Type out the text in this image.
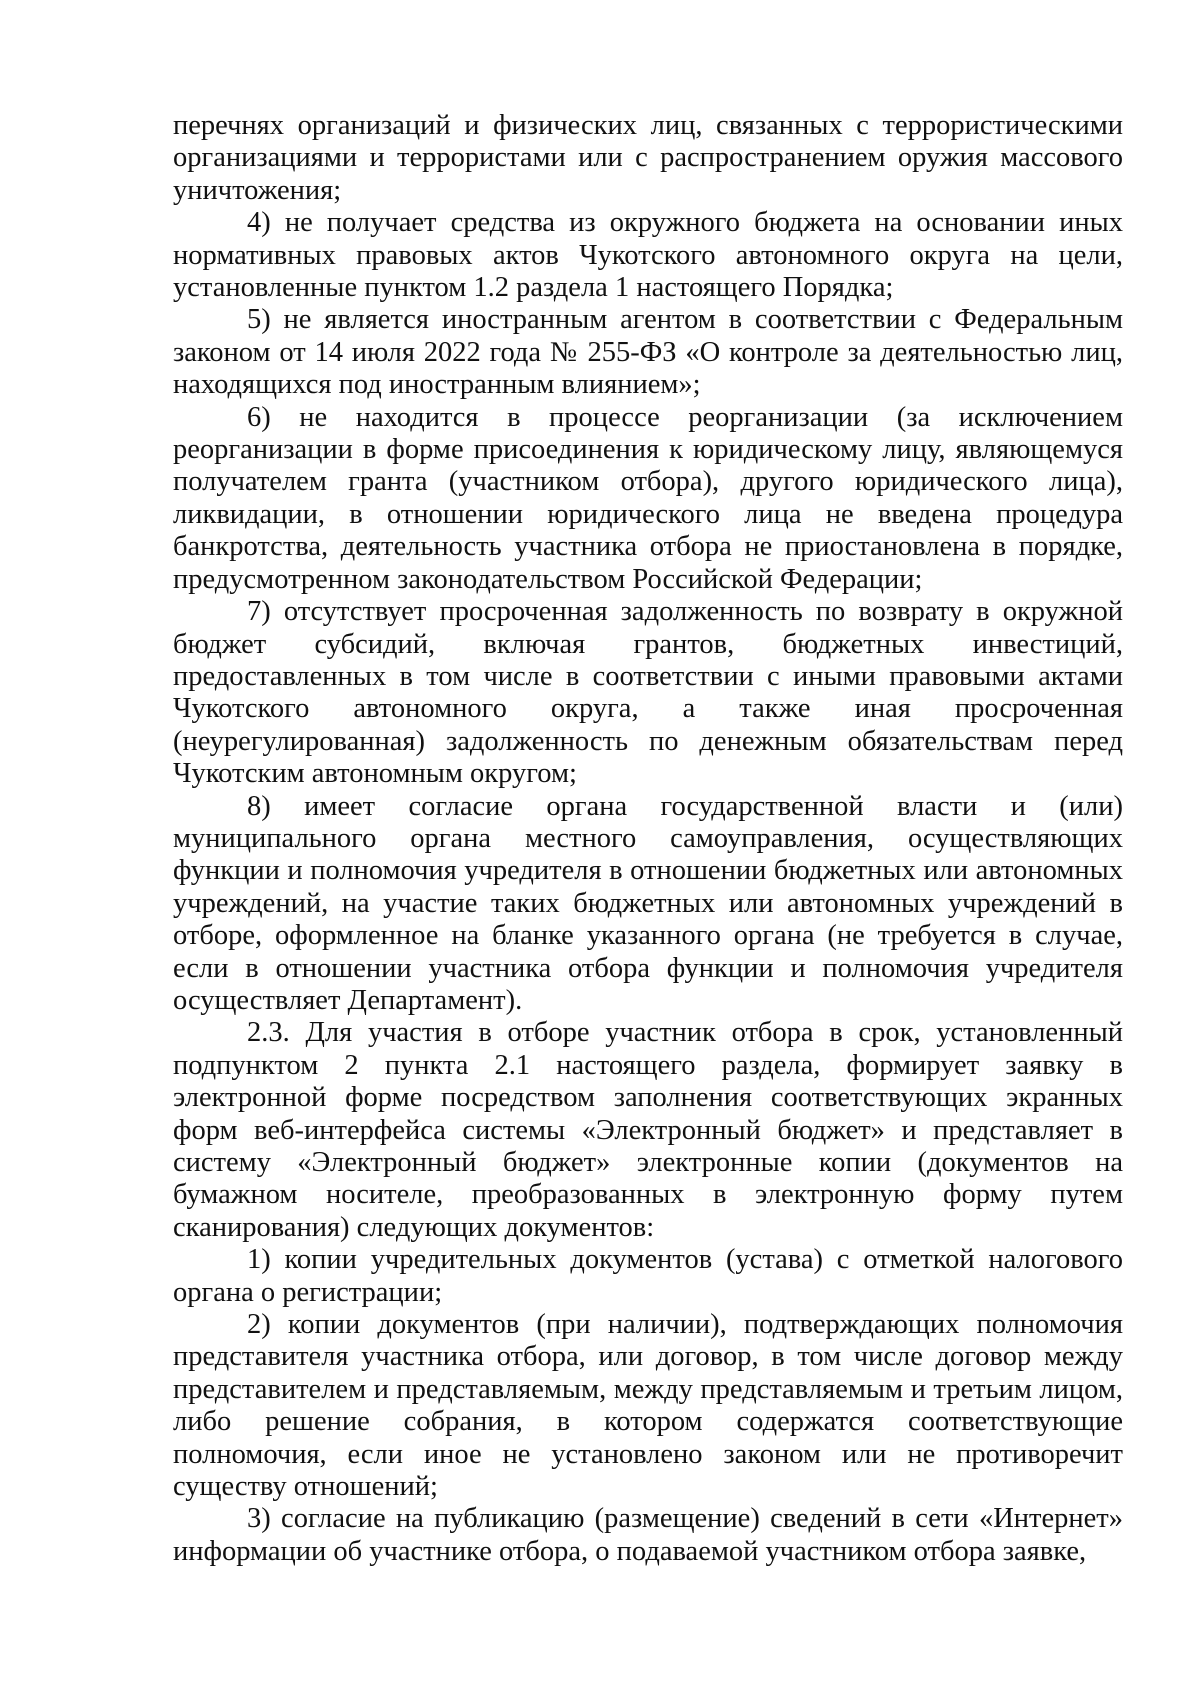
перечнях организаций и физических лиц, связанных с террористическими организациями и террористами или с распространением оружия массового уничтожения;

4) не получает средства из окружного бюджета на основании иных нормативных правовых актов Чукотского автономного округа на цели, установленные пунктом 1.2 раздела 1 настоящего Порядка;

5) не является иностранным агентом в соответствии с Федеральным законом от 14 июля 2022 года № 255-ФЗ «О контроле за деятельностью лиц, находящихся под иностранным влиянием»;

6) не находится в процессе реорганизации (за исключением реорганизации в форме присоединения к юридическому лицу, являющемуся получателем гранта (участником отбора), другого юридического лица), ликвидации, в отношении юридического лица не введена процедура банкротства, деятельность участника отбора не приостановлена в порядке, предусмотренном законодательством Российской Федерации;

7) отсутствует просроченная задолженность по возврату в окружной бюджет субсидий, включая грантов, бюджетных инвестиций, предоставленных в том числе в соответствии с иными правовыми актами Чукотского автономного округа, а также иная просроченная (неурегулированная) задолженность по денежным обязательствам перед Чукотским автономным округом;

8) имеет согласие органа государственной власти и (или) муниципального органа местного самоуправления, осуществляющих функции и полномочия учредителя в отношении бюджетных или автономных учреждений, на участие таких бюджетных или автономных учреждений в отборе, оформленное на бланке указанного органа (не требуется в случае, если в отношении участника отбора функции и полномочия учредителя осуществляет Департамент).

2.3. Для участия в отборе участник отбора в срок, установленный подпунктом 2 пункта 2.1 настоящего раздела, формирует заявку в электронной форме посредством заполнения соответствующих экранных форм веб-интерфейса системы «Электронный бюджет» и представляет в систему «Электронный бюджет» электронные копии (документов на бумажном носителе, преобразованных в электронную форму путем сканирования) следующих документов:

1) копии учредительных документов (устава) с отметкой налогового органа о регистрации;

2) копии документов (при наличии), подтверждающих полномочия представителя участника отбора, или договор, в том числе договор между представителем и представляемым, между представляемым и третьим лицом, либо решение собрания, в котором содержатся соответствующие полномочия, если иное не установлено законом или не противоречит существу отношений;

3) согласие на публикацию (размещение) сведений в сети «Интернет» информации об участнике отбора, о подаваемой участником отбора заявке,
